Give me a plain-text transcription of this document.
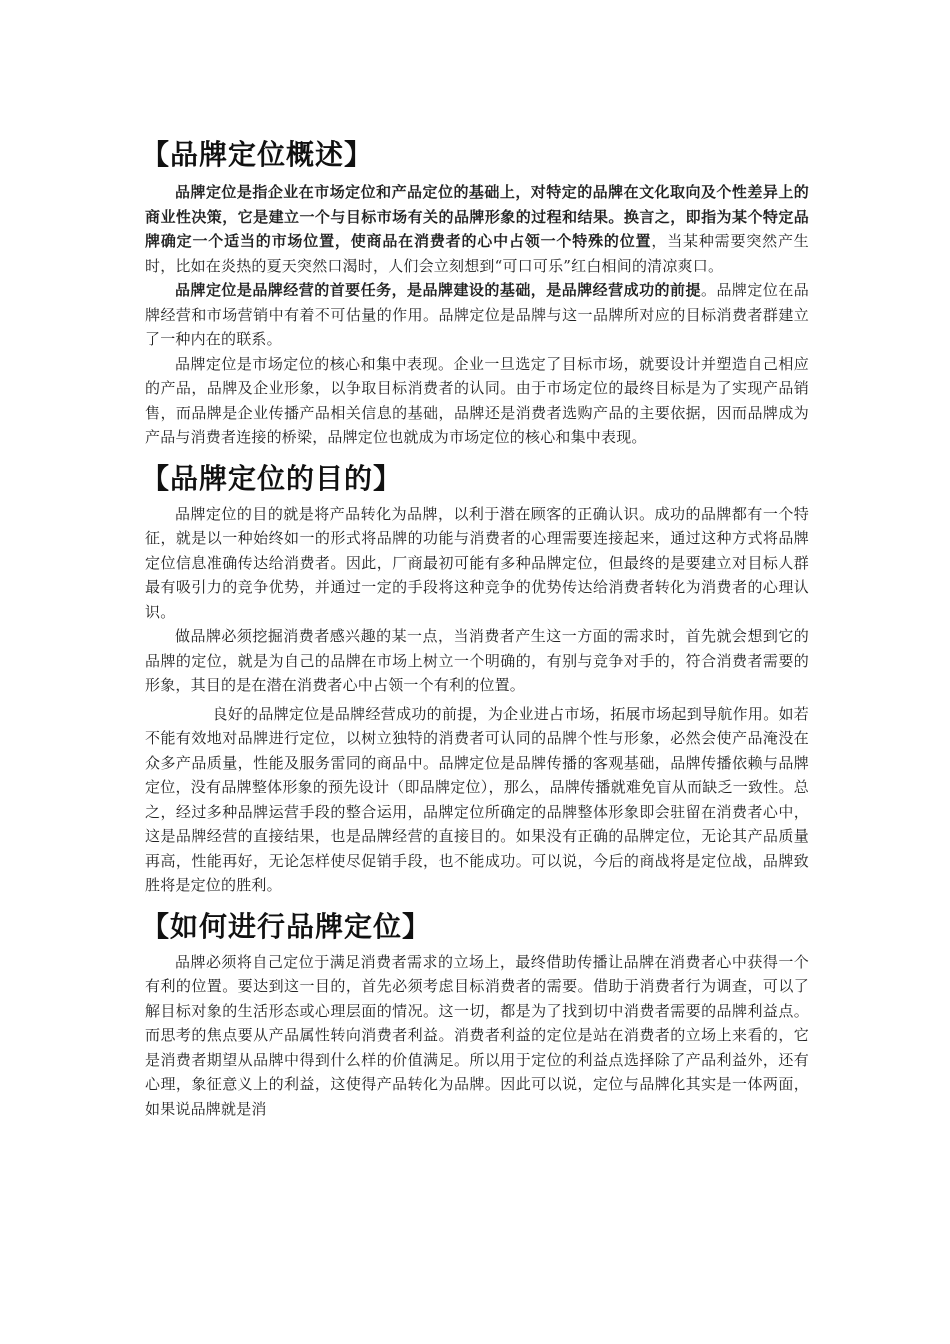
【品牌定位概述】

品牌定位是指企业在市场定位和产品定位的基础上，对特定的品牌在文化取向及个性差异上的商业性决策，它是建立一个与目标市场有关的品牌形象的过程和结果。换言之，即指为某个特定品牌确定一个适当的市场位置，使商品在消费者的心中占领一个特殊的位置，当某种需要突然产生时，比如在炎热的夏天突然口渴时，人们会立刻想到“可口可乐”红白相间的清凉爽口。

品牌定位是品牌经营的首要任务，是品牌建设的基础，是品牌经营成功的前提。品牌定位在品牌经营和市场营销中有着不可估量的作用。品牌定位是品牌与这一品牌所对应的目标消费者群建立了一种内在的联系。

品牌定位是市场定位的核心和集中表现。企业一旦选定了目标市场，就要设计并塑造自己相应的产品，品牌及企业形象，以争取目标消费者的认同。由于市场定位的最终目标是为了实现产品销售，而品牌是企业传播产品相关信息的基础，品牌还是消费者选购产品的主要依据，因而品牌成为产品与消费者连接的桥梁，品牌定位也就成为市场定位的核心和集中表现。

【品牌定位的目的】

品牌定位的目的就是将产品转化为品牌，以利于潜在顾客的正确认识。成功的品牌都有一个特征，就是以一种始终如一的形式将品牌的功能与消费者的心理需要连接起来，通过这种方式将品牌定位信息准确传达给消费者。因此，厂商最初可能有多种品牌定位，但最终的是要建立对目标人群最有吸引力的竞争优势，并通过一定的手段将这种竞争的优势传达给消费者转化为消费者的心理认识。

做品牌必须挖掘消费者感兴趣的某一点，当消费者产生这一方面的需求时，首先就会想到它的品牌的定位，就是为自己的品牌在市场上树立一个明确的，有别与竞争对手的，符合消费者需要的形象，其目的是在潜在消费者心中占领一个有利的位置。

良好的品牌定位是品牌经营成功的前提，为企业进占市场，拓展市场起到导航作用。如若不能有效地对品牌进行定位，以树立独特的消费者可认同的品牌个性与形象，必然会使产品淹没在众多产品质量，性能及服务雷同的商品中。品牌定位是品牌传播的客观基础，品牌传播依赖与品牌定位，没有品牌整体形象的预先设计（即品牌定位），那么，品牌传播就难免盲从而缺乏一致性。总之，经过多种品牌运营手段的整合运用，品牌定位所确定的品牌整体形象即会驻留在消费者心中，这是品牌经营的直接结果，也是品牌经营的直接目的。如果没有正确的品牌定位，无论其产品质量再高，性能再好，无论怎样使尽促销手段，也不能成功。可以说，今后的商战将是定位战，品牌致胜将是定位的胜利。

【如何进行品牌定位】

品牌必须将自己定位于满足消费者需求的立场上，最终借助传播让品牌在消费者心中获得一个有利的位置。要达到这一目的，首先必须考虑目标消费者的需要。借助于消费者行为调查，可以了解目标对象的生活形态或心理层面的情况。这一切，都是为了找到切中消费者需要的品牌利益点。而思考的焦点要从产品属性转向消费者利益。消费者利益的定位是站在消费者的立场上来看的，它是消费者期望从品牌中得到什么样的价值满足。所以用于定位的利益点选择除了产品利益外，还有心理，象征意义上的利益，这使得产品转化为品牌。因此可以说，定位与品牌化其实是一体两面，如果说品牌就是消
